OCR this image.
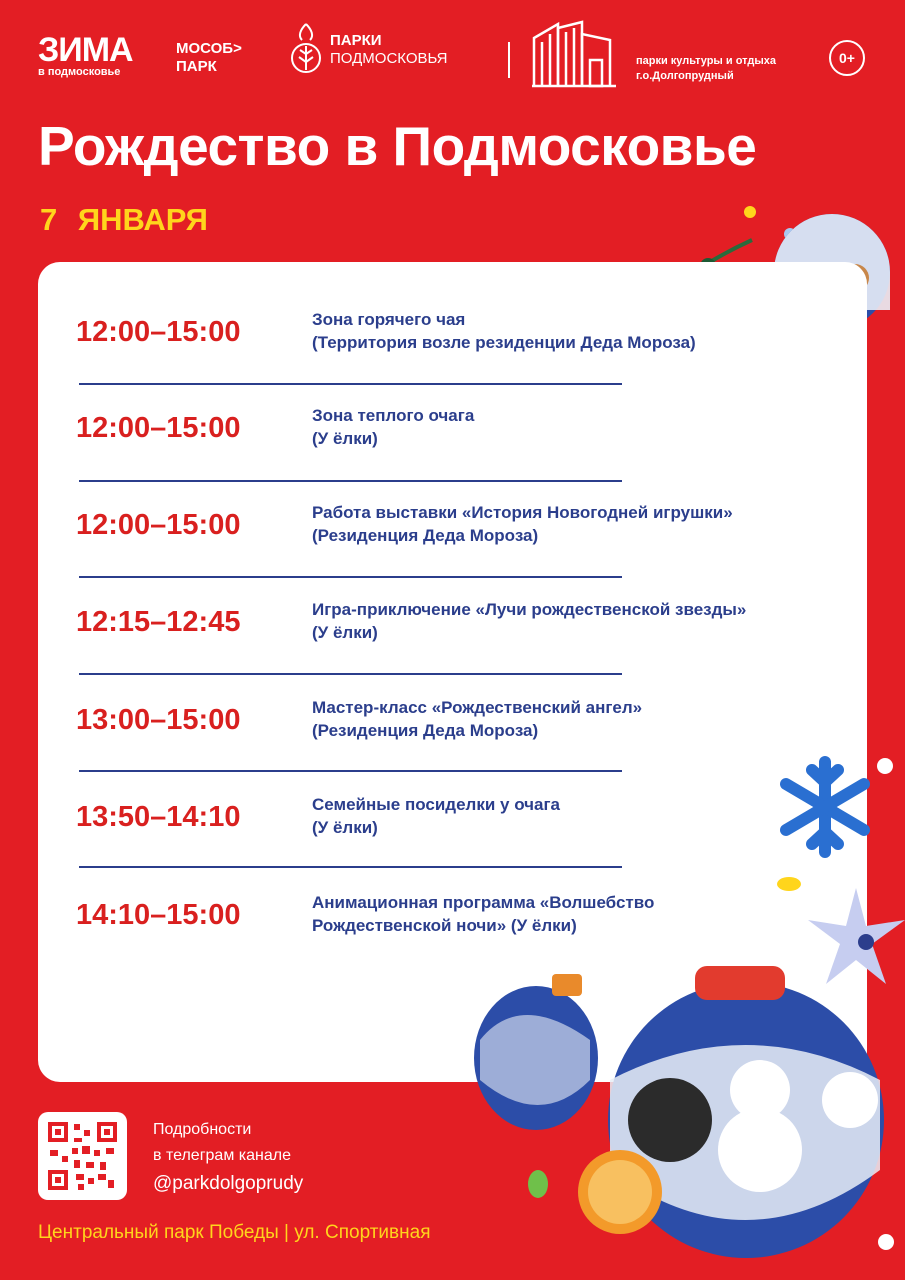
ЗИМА
в подмосковье
МОСОБ>
ПАРК
ПАРКИ
ПОДМОСКОВЬЯ	парки культуры и отдыха
г.о.Долгопрудный
0+
Рождество в Подмосковье
7 ЯНВАРЯ
12:00–15:00	Зона горячего чая
(Территория возле резиденции Деда Мороза)
12:00–15:00	Зона теплого очага
(У ёлки)
12:00–15:00	Работа выставки «История Новогодней игрушки»
(Резиденция Деда Мороза)
12:15–12:45	Игра-приключение «Лучи рождественской звезды»
(У ёлки)
13:00–15:00	Мастер-класс «Рождественский ангел»
(Резиденция Деда Мороза)
13:50–14:10	Семейные посиделки у очага
(У ёлки)
14:10–15:00	Анимационная программа «Волшебство
Рождественской ночи» (У ёлки)
Подробности
в телеграм канале
@parkdolgoprudy
Центральный парк Победы | ул. Спортивная
